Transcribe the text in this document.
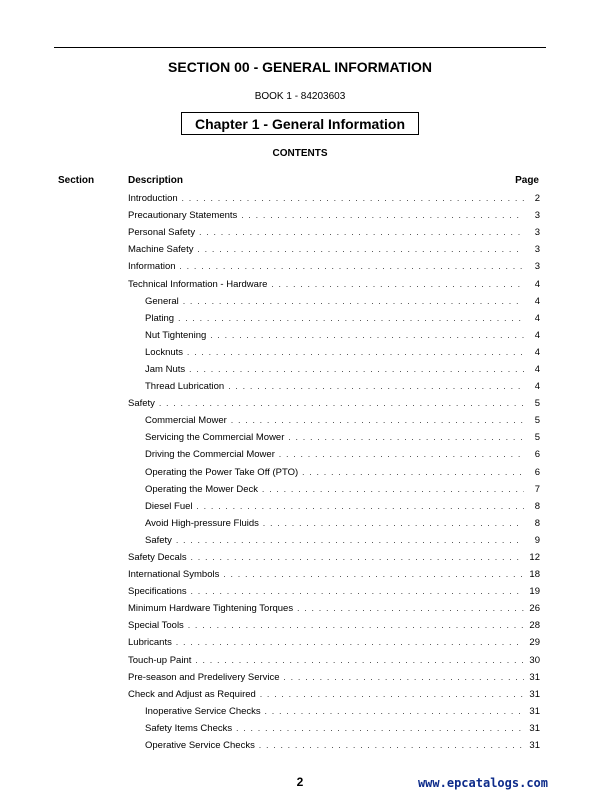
SECTION 00 - GENERAL INFORMATION
BOOK 1 - 84203603
Chapter 1 - General Information
CONTENTS
Section	Description	Page
Introduction . . .	2
Precautionary Statements . . .	3
Personal Safety . . .	3
Machine Safety . . .	3
Information . . .	3
Technical Information - Hardware . . .	4
General . . .	4
Plating . . .	4
Nut Tightening . . .	4
Locknuts . . .	4
Jam Nuts . . .	4
Thread Lubrication . . .	4
Safety . . .	5
Commercial Mower . . .	5
Servicing the Commercial Mower . . .	5
Driving the Commercial Mower . . .	6
Operating the Power Take Off (PTO) . . .	6
Operating the Mower Deck . . .	7
Diesel Fuel . . .	8
Avoid High-pressure Fluids . . .	8
Safety . . .	9
Safety Decals . . .	12
International Symbols . . .	18
Specifications . . .	19
Minimum Hardware Tightening Torques . . .	26
Special Tools . . .	28
Lubricants . . .	29
Touch-up Paint . . .	30
Pre-season and Predelivery Service . . .	31
Check and Adjust as Required . . .	31
Inoperative Service Checks . . .	31
Safety Items Checks . . .	31
Operative Service Checks . . .	31
2	www.epcatalogs.com
